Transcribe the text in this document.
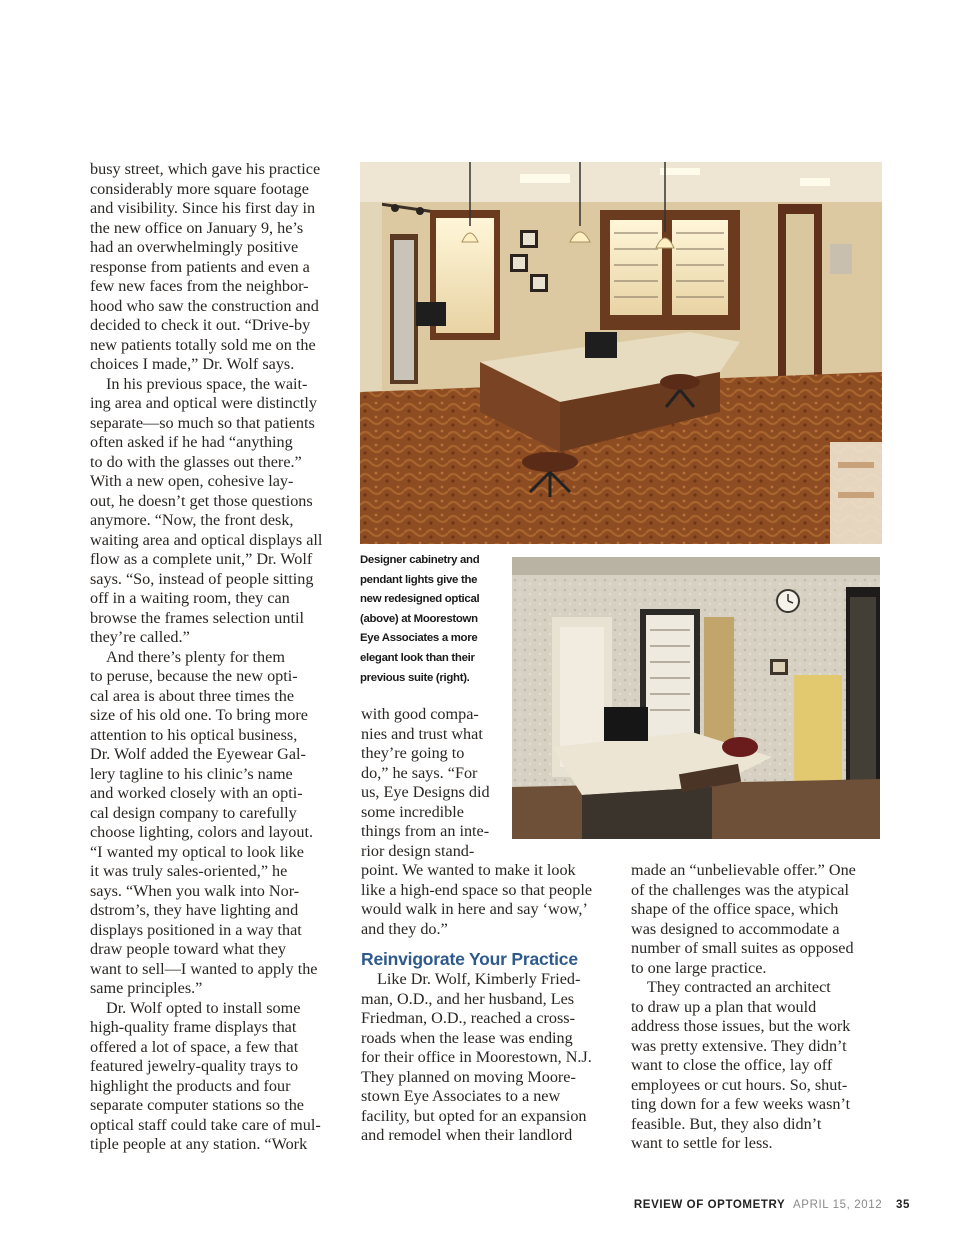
busy street, which gave his practice
considerably more square footage
and visibility. Since his first day in
the new office on January 9, he’s
had an overwhelmingly positive
response from patients and even a
few new faces from the neighbor-
hood who saw the construction and
decided to check it out. “Drive-by
new patients totally sold me on the
choices I made,” Dr. Wolf says.
In his previous space, the wait-
ing area and optical were distinctly
separate—so much so that patients
often asked if he had “anything
to do with the glasses out there.”
With a new open, cohesive lay-
out, he doesn’t get those questions
anymore. “Now, the front desk,
waiting area and optical displays all
flow as a complete unit,” Dr. Wolf
says. “So, instead of people sitting
off in a waiting room, they can
browse the frames selection until
they’re called.”
And there’s plenty for them
to peruse, because the new opti-
cal area is about three times the
size of his old one. To bring more
attention to his optical business,
Dr. Wolf added the Eyewear Gal-
lery tagline to his clinic’s name
and worked closely with an opti-
cal design company to carefully
choose lighting, colors and layout.
“I wanted my optical to look like
it was truly sales-oriented,” he
says. “When you walk into Nor-
dstrom’s, they have lighting and
displays positioned in a way that
draw people toward what they
want to sell—I wanted to apply the
same principles.”
Dr. Wolf opted to install some
high-quality frame displays that
offered a lot of space, a few that
featured jewelry-quality trays to
highlight the products and four
separate computer stations so the
optical staff could take care of mul-
tiple people at any station. “Work
Designer cabinetry and
pendant lights give the
new redesigned optical
(above) at Moorestown
Eye Associates a more
elegant look than their
previous suite (right).
with good compa-
nies and trust what
they’re going to
do,” he says. “For
us, Eye Designs did
some incredible
things from an inte-
rior design stand-
point. We wanted to make it look
like a high-end space so that people
would walk in here and say ‘wow,’
and they do.”
Reinvigorate Your Practice
Like Dr. Wolf, Kimberly Fried-
man, O.D., and her husband, Les
Friedman, O.D., reached a cross-
roads when the lease was ending
for their office in Moorestown, N.J.
They planned on moving Moore-
stown Eye Associates to a new
facility, but opted for an expansion
and remodel when their landlord
made an “unbelievable offer.” One
of the challenges was the atypical
shape of the office space, which
was designed to accommodate a
number of small suites as opposed
to one large practice.
They contracted an architect
to draw up a plan that would
address those issues, but the work
was pretty extensive. They didn’t
want to close the office, lay off
employees or cut hours. So, shut-
ting down for a few weeks wasn’t
feasible. But, they also didn’t
want to settle for less.
REVIEW OF OPTOMETRY APRIL 15, 2012 35
